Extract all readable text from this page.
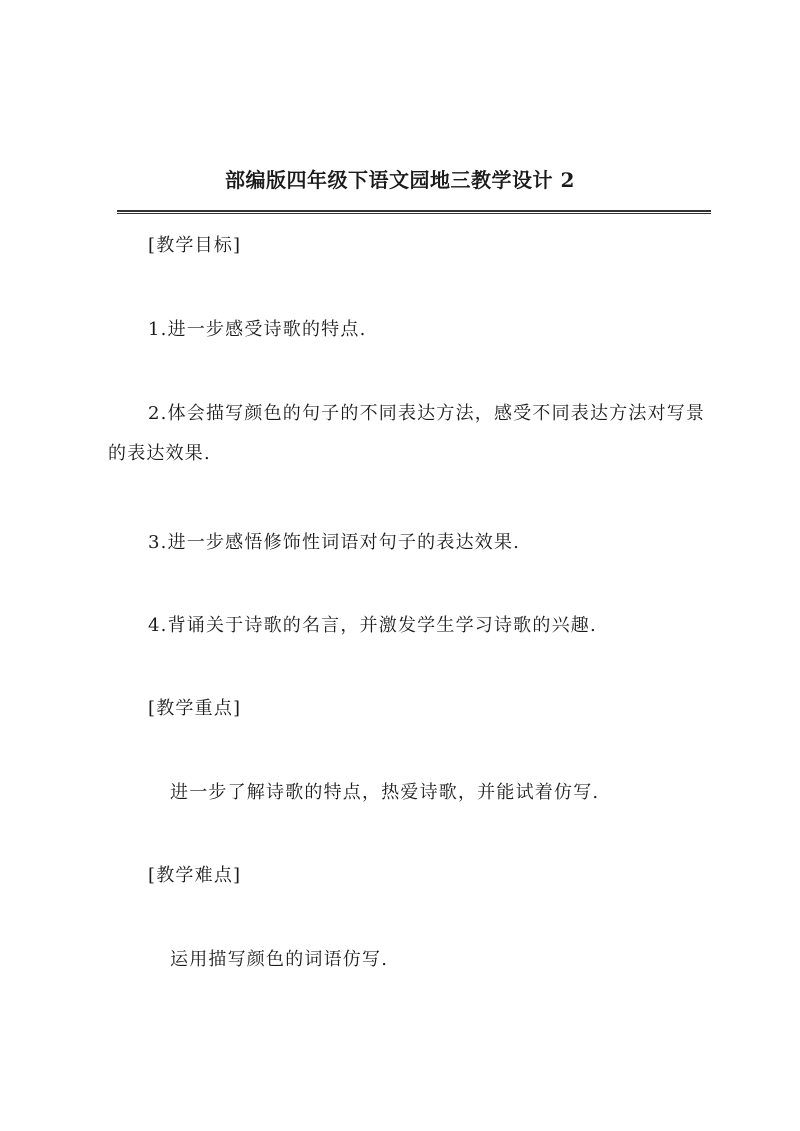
部编版四年级下语文园地三教学设计 2
[教学目标]
1.进一步感受诗歌的特点.
2.体会描写颜色的句子的不同表达方法，感受不同表达方法对写景的表达效果.
3.进一步感悟修饰性词语对句子的表达效果.
4.背诵关于诗歌的名言，并激发学生学习诗歌的兴趣.
[教学重点]
进一步了解诗歌的特点，热爱诗歌，并能试着仿写.
[教学难点]
运用描写颜色的词语仿写.
